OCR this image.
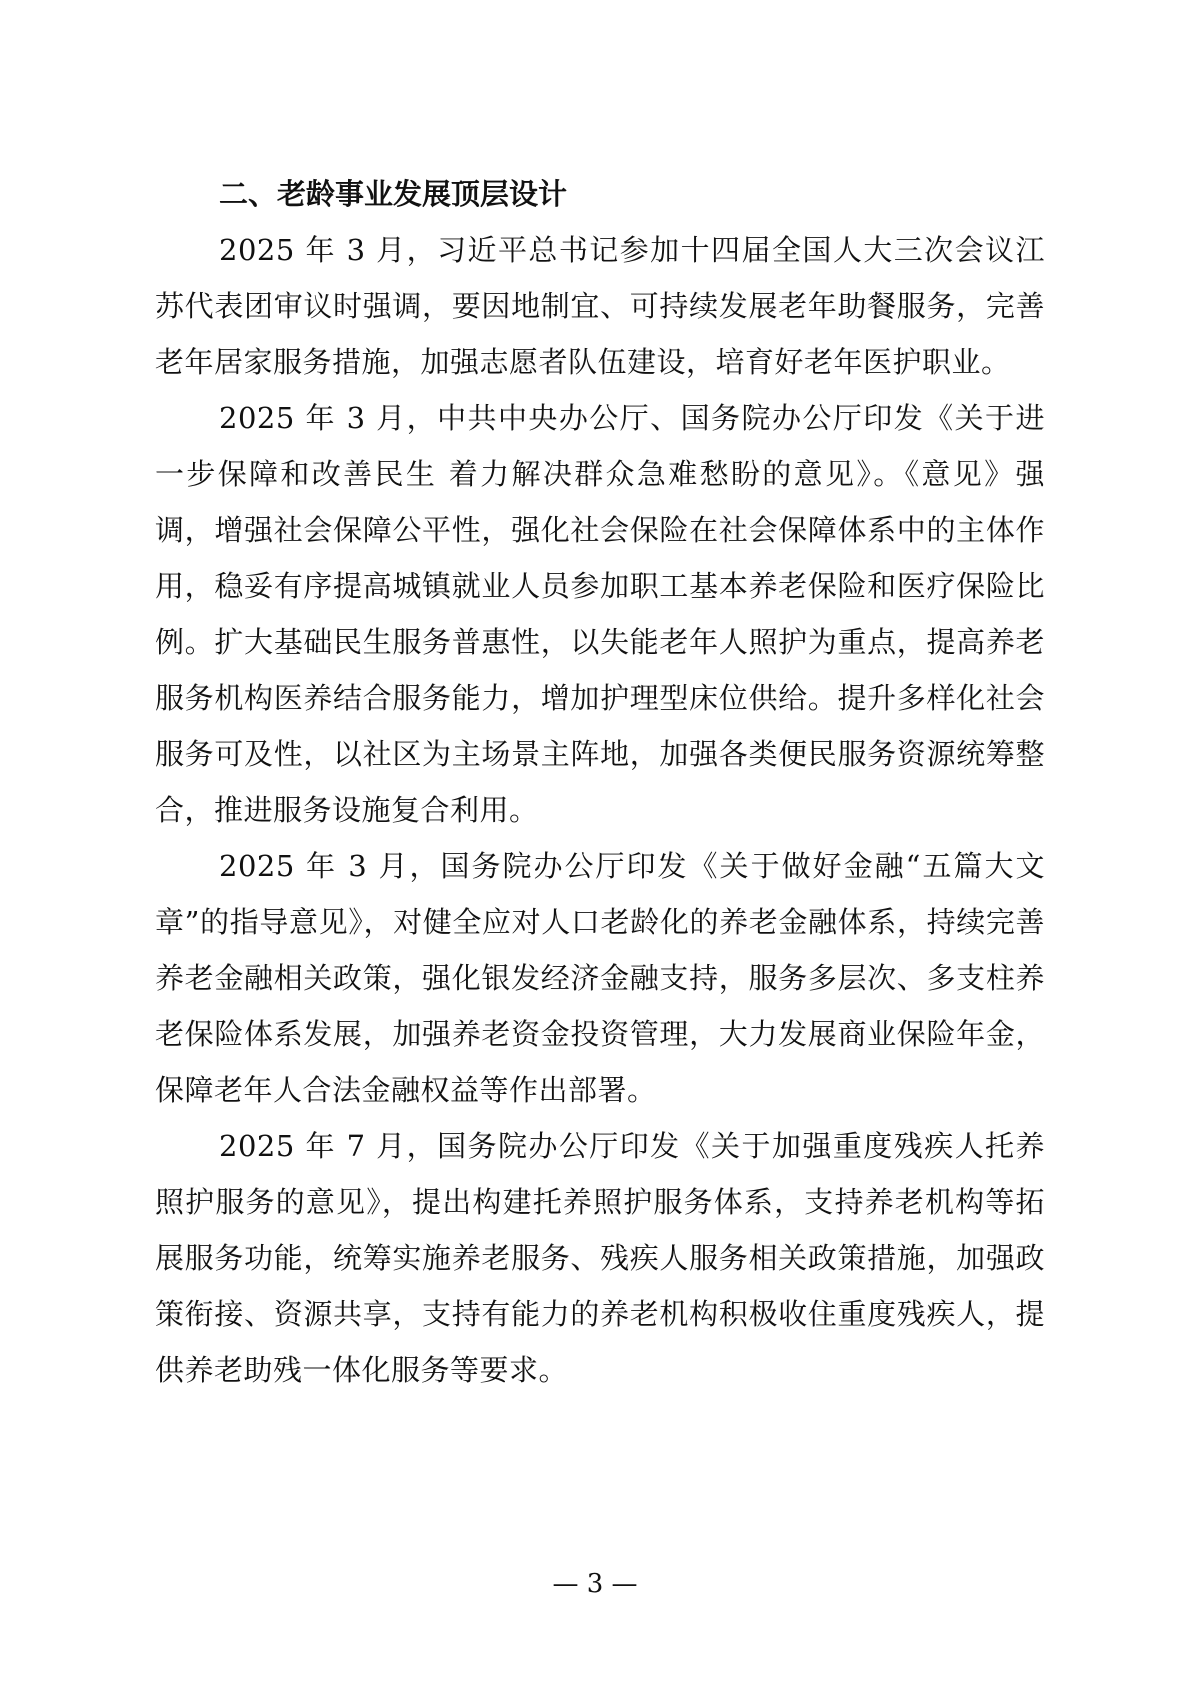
二、老龄事业发展顶层设计

2025 年 3 月，习近平总书记参加十四届全国人大三次会议江苏代表团审议时强调，要因地制宜、可持续发展老年助餐服务，完善老年居家服务措施，加强志愿者队伍建设，培育好老年医护职业。

2025 年 3 月，中共中央办公厅、国务院办公厅印发《关于进一步保障和改善民生 着力解决群众急难愁盼的意见》。《意见》强调，增强社会保障公平性，强化社会保险在社会保障体系中的主体作用，稳妥有序提高城镇就业人员参加职工基本养老保险和医疗保险比例。扩大基础民生服务普惠性，以失能老年人照护为重点，提高养老服务机构医养结合服务能力，增加护理型床位供给。提升多样化社会服务可及性，以社区为主场景主阵地，加强各类便民服务资源统筹整合，推进服务设施复合利用。

2025 年 3 月，国务院办公厅印发《关于做好金融“五篇大文章”的指导意见》，对健全应对人口老龄化的养老金融体系，持续完善养老金融相关政策，强化银发经济金融支持，服务多层次、多支柱养老保险体系发展，加强养老资金投资管理，大力发展商业保险年金，保障老年人合法金融权益等作出部署。

2025 年 7 月，国务院办公厅印发《关于加强重度残疾人托养照护服务的意见》，提出构建托养照护服务体系，支持养老机构等拓展服务功能，统筹实施养老服务、残疾人服务相关政策措施，加强政策衔接、资源共享，支持有能力的养老机构积极收住重度残疾人，提供养老助残一体化服务等要求。

— 3 —
